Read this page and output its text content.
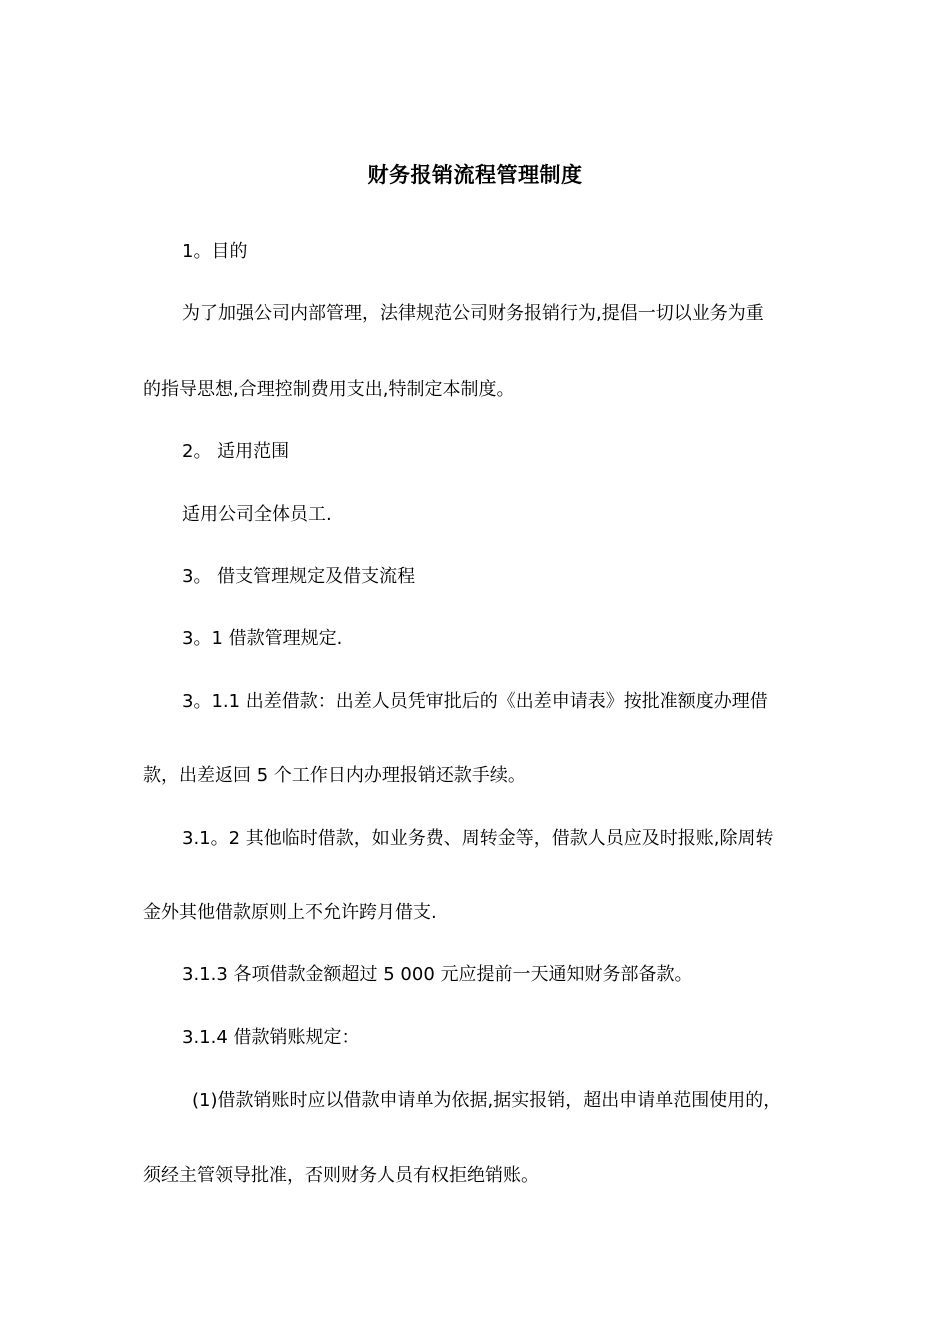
财务报销流程管理制度
1。目的
为了加强公司内部管理，法律规范公司财务报销行为,提倡一切以业务为重
的指导思想,合理控制费用支出,特制定本制度。
2。 适用范围
适用公司全体员工.
3。 借支管理规定及借支流程
3。1 借款管理规定.
3。1.1 出差借款：出差人员凭审批后的《出差申请表》按批准额度办理借
款，出差返回 5 个工作日内办理报销还款手续。
3.1。2 其他临时借款，如业务费、周转金等，借款人员应及时报账,除周转
金外其他借款原则上不允许跨月借支.
3.1.3 各项借款金额超过 5 000 元应提前一天通知财务部备款。
3.1.4 借款销账规定：
(1)借款销账时应以借款申请单为依据,据实报销，超出申请单范围使用的，
须经主管领导批准，否则财务人员有权拒绝销账。
